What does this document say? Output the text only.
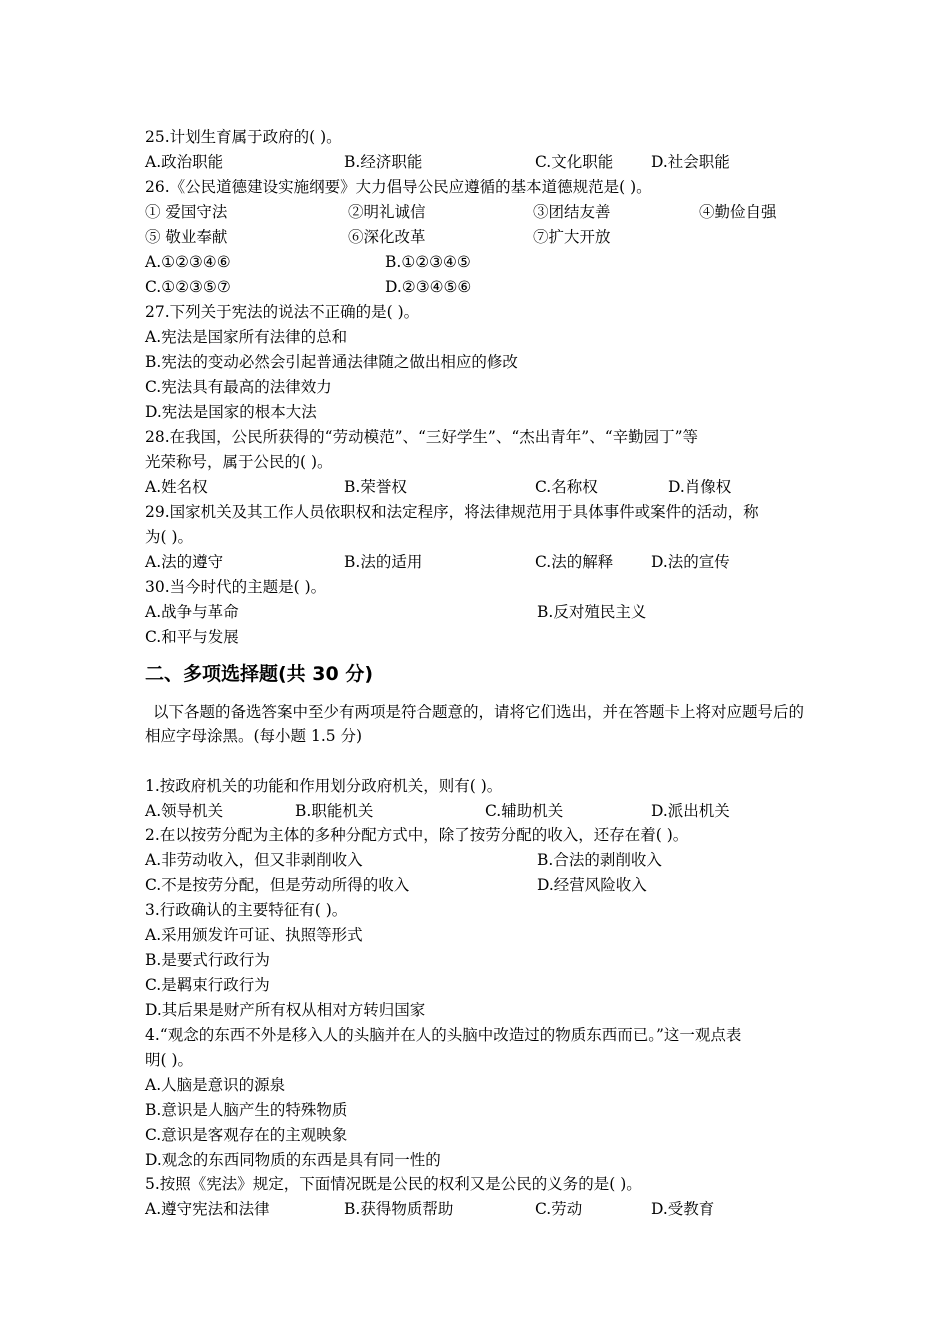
25.计划生育属于政府的( )。
A.政治职能	B.经济职能	C.文化职能 D.社会职能
26.《公民道德建设实施纲要》大力倡导公民应遵循的基本道德规范是( )。
① 爱国守法	②明礼诚信	③团结友善	④勤俭自强
⑤ 敬业奉献	⑥深化改革	⑦扩大开放
A.①②③④⑥	B.①②③④⑤
C.①②③⑤⑦	D.②③④⑤⑥
27.下列关于宪法的说法不正确的是( )。
A.宪法是国家所有法律的总和
B.宪法的变动必然会引起普通法律随之做出相应的修改
C.宪法具有最高的法律效力
D.宪法是国家的根本大法
28.在我国，公民所获得的“劳动模范”、“三好学生”、“杰出青年”、“辛勤园丁”等
光荣称号，属于公民的( )。
A.姓名权	B.荣誉权	C.名称权	D.肖像权
29.国家机关及其工作人员依职权和法定程序，将法律规范用于具体事件或案件的活动，称
为( )。
A.法的遵守	B.法的适用	C.法的解释 D.法的宣传
30.当今时代的主题是( )。
A.战争与革命	B.反对殖民主义
C.和平与发展
二、多项选择题(共 30 分)
以下各题的备选答案中至少有两项是符合题意的，请将它们选出，并在答题卡上将对应题号后的相应字母涂黑。(每小题 1.5 分)
1.按政府机关的功能和作用划分政府机关，则有( )。
A.领导机关	B.职能机关	C.辅助机关	D.派出机关
2.在以按劳分配为主体的多种分配方式中，除了按劳分配的收入，还存在着( )。
A.非劳动收入，但又非剥削收入	B.合法的剥削收入
C.不是按劳分配，但是劳动所得的收入	D.经营风险收入
3.行政确认的主要特征有( )。
A.采用颁发许可证、执照等形式
B.是要式行政行为
C.是羁束行政行为
D.其后果是财产所有权从相对方转归国家
4.“观念的东西不外是移入人的头脑并在人的头脑中改造过的物质东西而已。”这一观点表
明( )。
A.人脑是意识的源泉
B.意识是人脑产生的特殊物质
C.意识是客观存在的主观映象
D.观念的东西同物质的东西是具有同一性的
5.按照《宪法》规定，下面情况既是公民的权利又是公民的义务的是( )。
A.遵守宪法和法律	B.获得物质帮助	C.劳动	D.受教育
